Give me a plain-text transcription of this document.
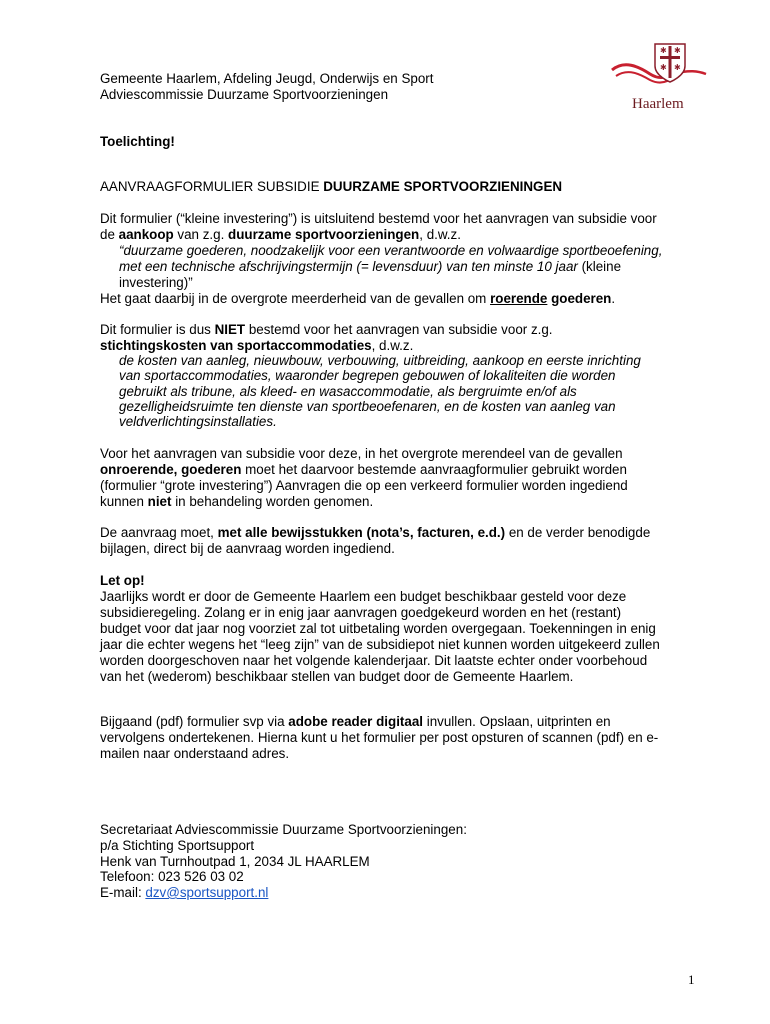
✱ ✱
✱ ✱
Haarlem
Gemeente Haarlem, Afdeling Jeugd, Onderwijs en Sport
Adviescommissie Duurzame Sportvoorzieningen
Toelichting!
AANVRAAGFORMULIER SUBSIDIE DUURZAME SPORTVOORZIENINGEN
Dit formulier (“kleine investering”) is uitsluitend bestemd voor het aanvragen van subsidie voor
de aankoop van z.g. duurzame sportvoorzieningen, d.w.z.
“duurzame goederen, noodzakelijk voor een verantwoorde en volwaardige sportbeoefening,
met een technische afschrijvingstermijn (= levensduur) van ten minste 10 jaar (kleine
investering)”
Het gaat daarbij in de overgrote meerderheid van de gevallen om roerende goederen.
Dit formulier is dus NIET bestemd voor het aanvragen van subsidie voor z.g.
stichtingskosten van sportaccommodaties, d.w.z.
de kosten van aanleg, nieuwbouw, verbouwing, uitbreiding, aankoop en eerste inrichting
van sportaccommodaties, waaronder begrepen gebouwen of lokaliteiten die worden
gebruikt als tribune, als kleed- en wasaccommodatie, als bergruimte en/of als
gezelligheidsruimte ten dienste van sportbeoefenaren, en de kosten van aanleg van
veldverlichtingsinstallaties.
Voor het aanvragen van subsidie voor deze, in het overgrote merendeel van de gevallen
onroerende, goederen moet het daarvoor bestemde aanvraagformulier gebruikt worden
(formulier “grote investering”) Aanvragen die op een verkeerd formulier worden ingediend
kunnen niet in behandeling worden genomen.
De aanvraag moet, met alle bewijsstukken (nota’s, facturen, e.d.) en de verder benodigde
bijlagen, direct bij de aanvraag worden ingediend.
Let op!
Jaarlijks wordt er door de Gemeente Haarlem een budget beschikbaar gesteld voor deze
subsidieregeling. Zolang er in enig jaar aanvragen goedgekeurd worden en het (restant)
budget voor dat jaar nog voorziet zal tot uitbetaling worden overgegaan. Toekenningen in enig
jaar die echter wegens het “leeg zijn” van de subsidiepot niet kunnen worden uitgekeerd zullen
worden doorgeschoven naar het volgende kalenderjaar. Dit laatste echter onder voorbehoud
van het (wederom) beschikbaar stellen van budget door de Gemeente Haarlem.
Bijgaand (pdf) formulier svp via adobe reader digitaal invullen. Opslaan, uitprinten en
vervolgens ondertekenen. Hierna kunt u het formulier per post opsturen of scannen (pdf) en e-
mailen naar onderstaand adres.
Secretariaat Adviescommissie Duurzame Sportvoorzieningen:
p/a Stichting Sportsupport
Henk van Turnhoutpad 1, 2034 JL HAARLEM
Telefoon: 023 526 03 02
E-mail: dzv@sportsupport.nl
1
